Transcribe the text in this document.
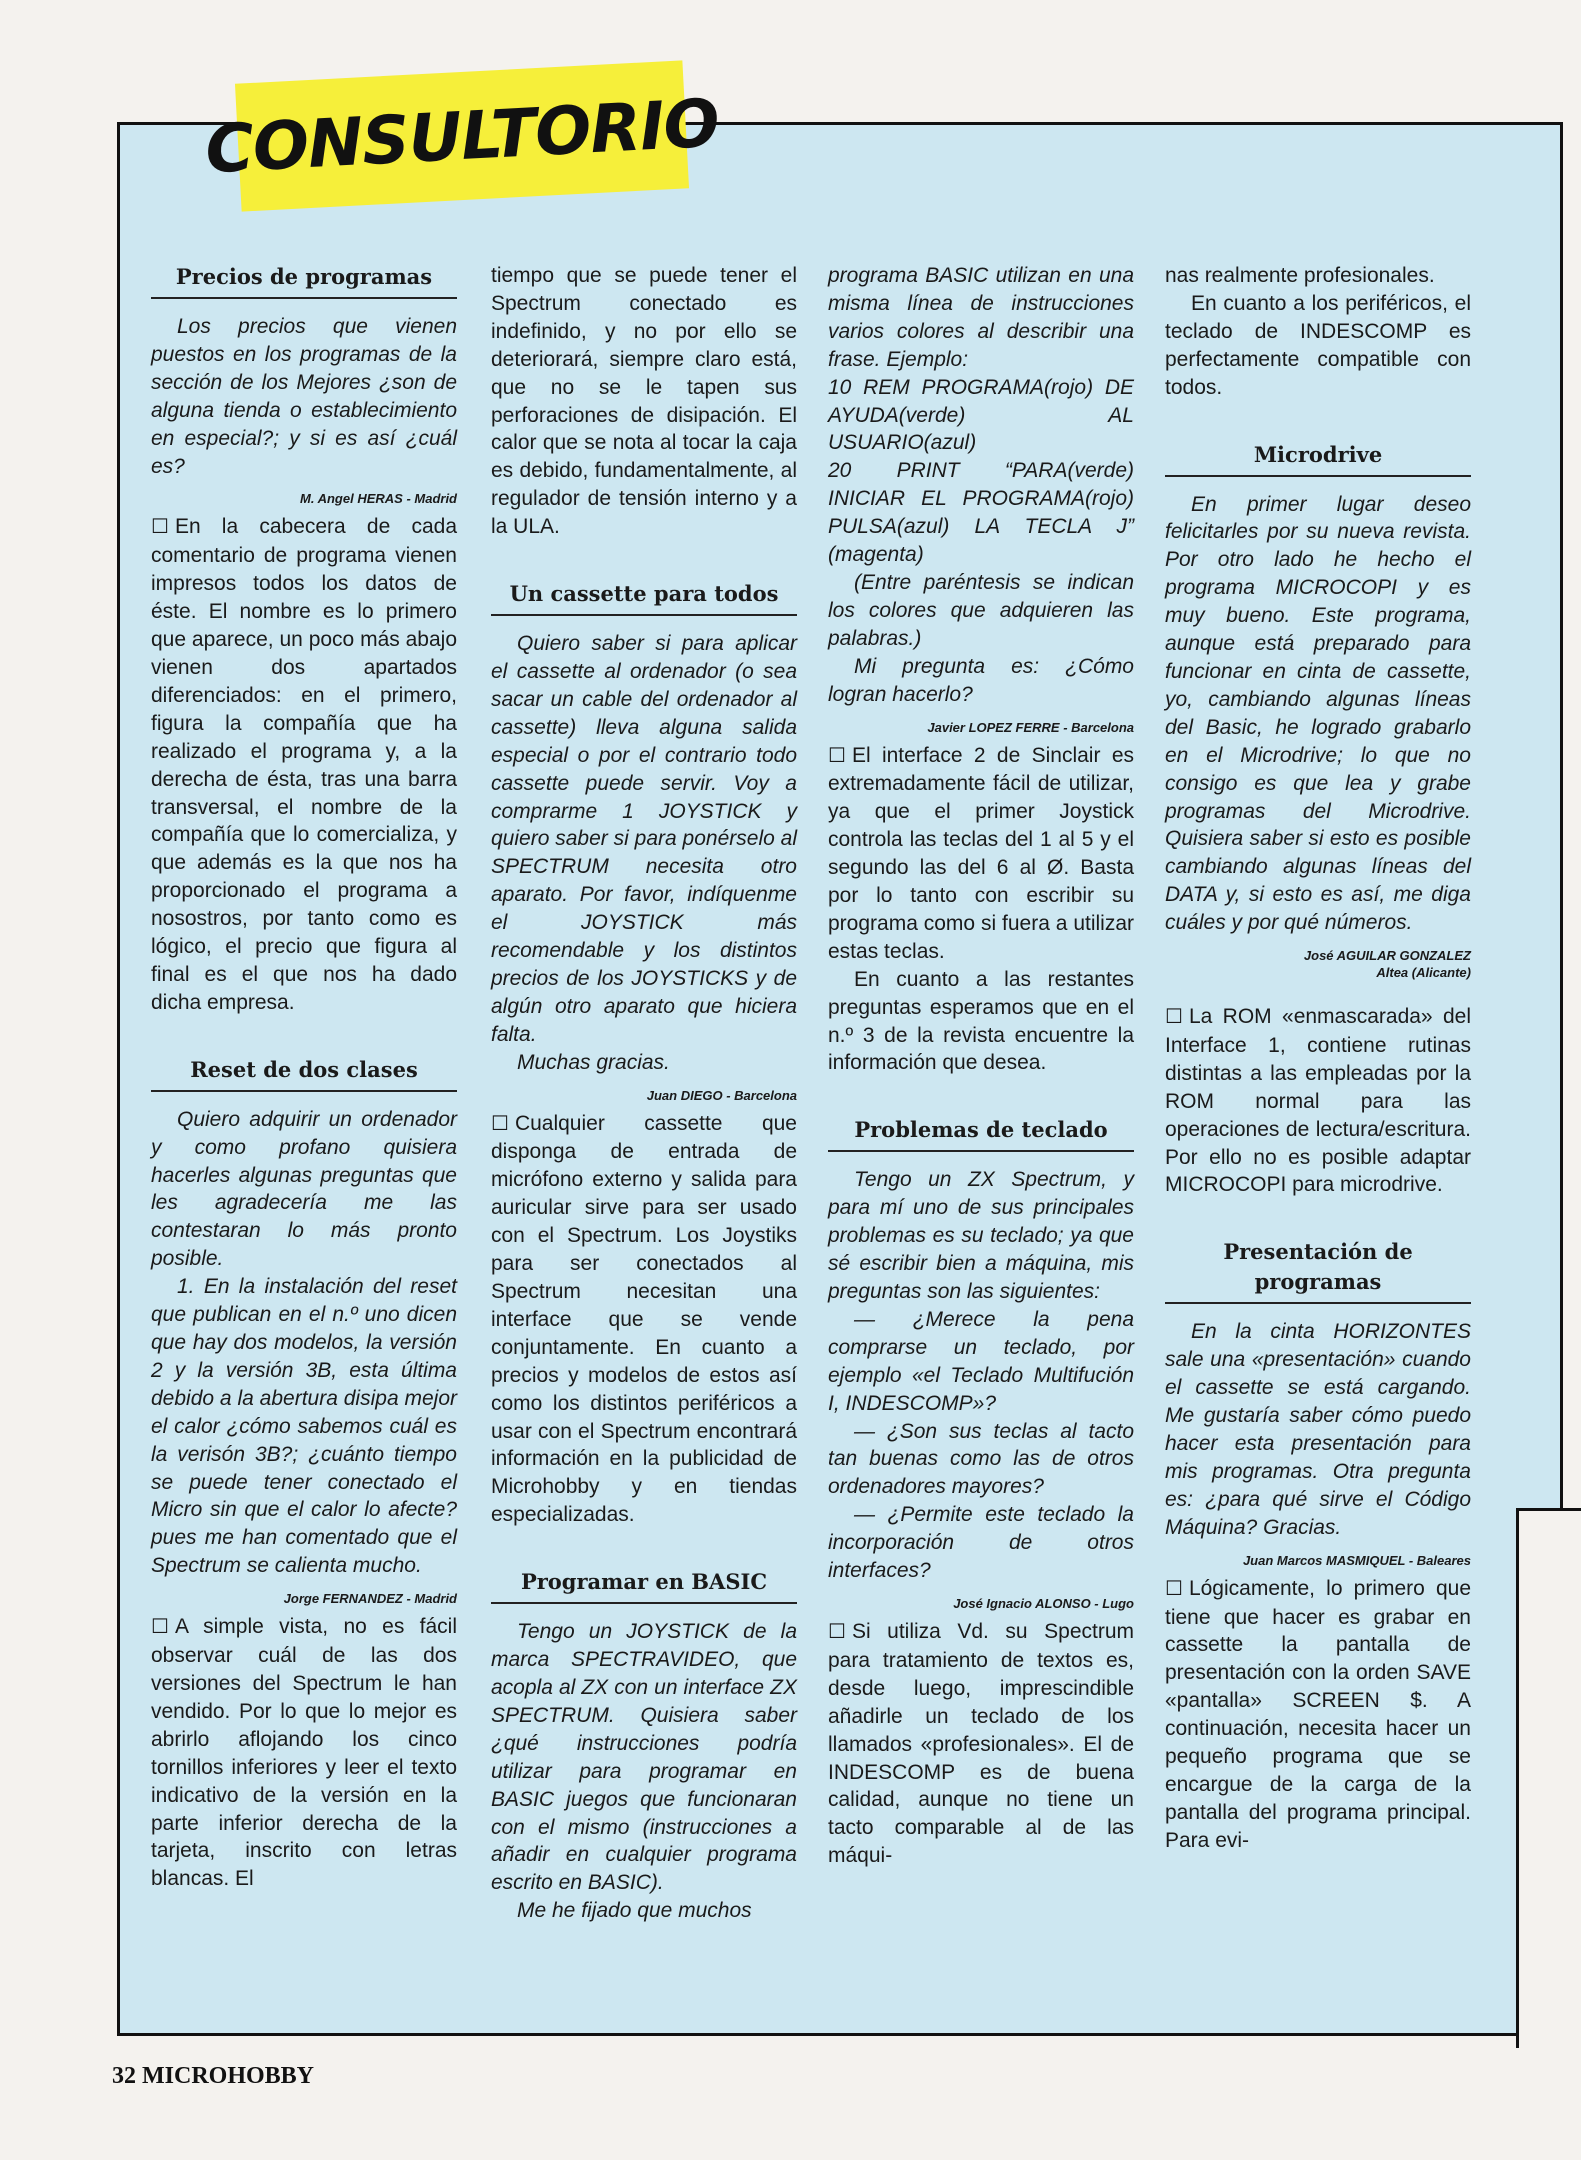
CONSULTORIO
Precios de programas

Los precios que vienen puestos en los programas de la sección de los Mejores ¿son de alguna tienda o establecimiento en especial?; y si es así ¿cuál es?

M. Angel HERAS - Madrid

☐ En la cabecera de cada comentario de programa vienen impresos todos los datos de éste. El nombre es lo primero que aparece, un poco más abajo vienen dos apartados diferenciados: en el primero, figura la compañía que ha realizado el programa y, a la derecha de ésta, tras una barra transversal, el nombre de la compañía que lo comercializa, y que además es la que nos ha proporcionado el programa a nosostros, por tanto como es lógico, el precio que figura al final es el que nos ha dado dicha empresa.

Reset de dos clases

Quiero adquirir un ordenador y como profano quisiera hacerles algunas preguntas que les agradecería me las contestaran lo más pronto posible.

1. En la instalación del reset que publican en el n.º uno dicen que hay dos modelos, la versión 2 y la versión 3B, esta última debido a la abertura disipa mejor el calor ¿cómo sabemos cuál es la verisón 3B?; ¿cuánto tiempo se puede tener conectado el Micro sin que el calor lo afecte? pues me han comentado que el Spectrum se calienta mucho.

Jorge FERNANDEZ - Madrid

☐ A simple vista, no es fácil observar cuál de las dos versiones del Spectrum le han vendido. Por lo que lo mejor es abrirlo aflojando los cinco tornillos inferiores y leer el texto indicativo de la versión en la parte inferior derecha de la tarjeta, inscrito con letras blancas. El

tiempo que se puede tener el Spectrum conectado es indefinido, y no por ello se deteriorará, siempre claro está, que no se le tapen sus perforaciones de disipación. El calor que se nota al tocar la caja es debido, fundamentalmente, al regulador de tensión interno y a la ULA.

Un cassette para todos

Quiero saber si para aplicar el cassette al ordenador (o sea sacar un cable del ordenador al cassette) lleva alguna salida especial o por el contrario todo cassette puede servir. Voy a comprarme 1 JOYSTICK y quiero saber si para ponérselo al SPECTRUM necesita otro aparato. Por favor, indíquenme el JOYSTICK más recomendable y los distintos precios de los JOYSTICKS y de algún otro aparato que hiciera falta.

Muchas gracias.

Juan DIEGO - Barcelona

☐ Cualquier cassette que disponga de entrada de micrófono externo y salida para auricular sirve para ser usado con el Spectrum. Los Joystiks para ser conectados al Spectrum necesitan una interface que se vende conjuntamente. En cuanto a precios y modelos de estos así como los distintos periféricos a usar con el Spectrum encontrará información en la publicidad de Microhobby y en tiendas especializadas.

Programar en BASIC

Tengo un JOYSTICK de la marca SPECTRAVIDEO, que acopla al ZX con un interface ZX SPECTRUM. Quisiera saber ¿qué instrucciones podría utilizar para programar en BASIC juegos que funcionaran con el mismo (instrucciones a añadir en cualquier programa escrito en BASIC).

Me he fijado que muchos

programa BASIC utilizan en una misma línea de instrucciones varios colores al describir una frase. Ejemplo:

10 REM PROGRAMA(rojo) DE AYUDA(verde) AL USUARIO(azul)

20 PRINT “PARA(verde) INICIAR EL PROGRAMA(rojo) PULSA(azul) LA TECLA J” (magenta)

(Entre paréntesis se indican los colores que adquieren las palabras.)

Mi pregunta es: ¿Cómo logran hacerlo?

Javier LOPEZ FERRE - Barcelona

☐ El interface 2 de Sinclair es extremadamente fácil de utilizar, ya que el primer Joystick controla las teclas del 1 al 5 y el segundo las del 6 al Ø. Basta por lo tanto con escribir su programa como si fuera a utilizar estas teclas.

En cuanto a las restantes preguntas esperamos que en el n.º 3 de la revista encuentre la información que desea.

Problemas de teclado

Tengo un ZX Spectrum, y para mí uno de sus principales problemas es su teclado; ya que sé escribir bien a máquina, mis preguntas son las siguientes:

— ¿Merece la pena comprarse un teclado, por ejemplo «el Teclado Multifución I, INDESCOMP»?

— ¿Son sus teclas al tacto tan buenas como las de otros ordenadores mayores?

— ¿Permite este teclado la incorporación de otros interfaces?

José Ignacio ALONSO - Lugo

☐ Si utiliza Vd. su Spectrum para tratamiento de textos es, desde luego, imprescindible añadirle un teclado de los llamados «profesionales». El de INDESCOMP es de buena calidad, aunque no tiene un tacto comparable al de las máqui-

nas realmente profesionales.

En cuanto a los periféricos, el teclado de INDESCOMP es perfectamente compatible con todos.

Microdrive

En primer lugar deseo felicitarles por su nueva revista. Por otro lado he hecho el programa MICROCOPI y es muy bueno. Este programa, aunque está preparado para funcionar en cinta de cassette, yo, cambiando algunas líneas del Basic, he logrado grabarlo en el Microdrive; lo que no consigo es que lea y grabe programas del Microdrive. Quisiera saber si esto es posible cambiando algunas líneas del DATA y, si esto es así, me diga cuáles y por qué números.

José AGUILAR GONZALEZ
Altea (Alicante)

☐ La ROM «enmascarada» del Interface 1, contiene rutinas distintas a las empleadas por la ROM normal para las operaciones de lectura/escritura. Por ello no es posible adaptar MICROCOPI para microdrive.

Presentación de programas

En la cinta HORIZONTES sale una «presentación» cuando el cassette se está cargando. Me gustaría saber cómo puedo hacer esta presentación para mis programas. Otra pregunta es: ¿para qué sirve el Código Máquina? Gracias.

Juan Marcos MASMIQUEL - Baleares

☐ Lógicamente, lo primero que tiene que hacer es grabar en cassette la pantalla de presentación con la orden SAVE «pantalla» SCREEN $. A continuación, necesita hacer un pequeño programa que se encargue de la carga de la pantalla del programa principal. Para evi-

32 MICROHOBBY
